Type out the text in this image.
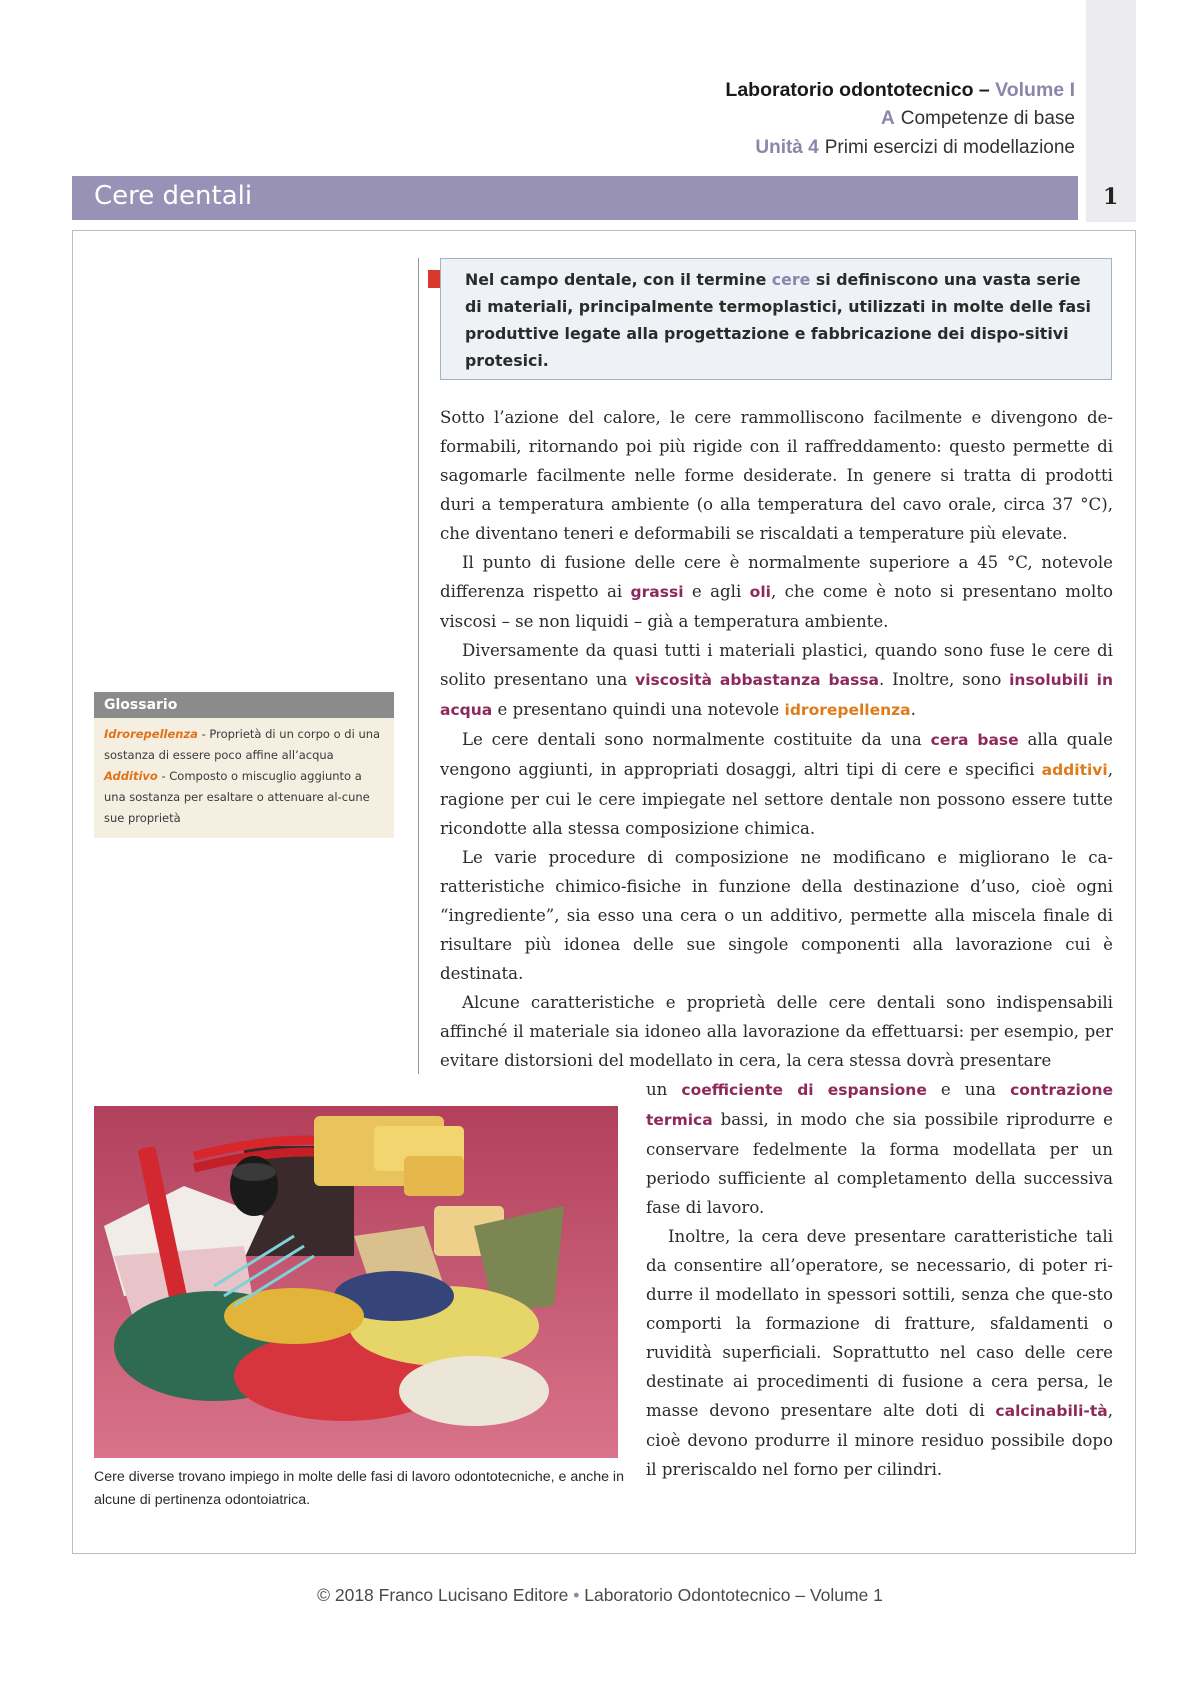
Laboratorio odontotecnico – Volume I
A Competenze di base
Unità 4 Primi esercizi di modellazione
Cere dentali	1
Nel campo dentale, con il termine cere si definiscono una vasta serie di materiali, principalmente termoplastici, utilizzati in molte delle fasi produttive legate alla progettazione e fabbricazione dei dispo-sitivi protesici.

Sotto l’azione del calore, le cere rammolliscono facilmente e divengono de-formabili, ritornando poi più rigide con il raffreddamento: questo permette di sagomarle facilmente nelle forme desiderate. In genere si tratta di prodotti duri a temperatura ambiente (o alla temperatura del cavo orale, circa 37 °C), che diventano teneri e deformabili se riscaldati a temperature più elevate.

Il punto di fusione delle cere è normalmente superiore a 45 °C, notevole differenza rispetto ai grassi e agli oli, che come è noto si presentano molto viscosi – se non liquidi – già a temperatura ambiente.

Diversamente da quasi tutti i materiali plastici, quando sono fuse le cere di solito presentano una viscosità abbastanza bassa. Inoltre, sono insolubili in acqua e presentano quindi una notevole idrorepellenza.

Le cere dentali sono normalmente costituite da una cera base alla quale vengono aggiunti, in appropriati dosaggi, altri tipi di cere e specifici additivi, ragione per cui le cere impiegate nel settore dentale non possono essere tutte ricondotte alla stessa composizione chimica.

Le varie procedure di composizione ne modificano e migliorano le ca-ratteristiche chimico-fisiche in funzione della destinazione d’uso, cioè ogni “ingrediente”, sia esso una cera o un additivo, permette alla miscela finale di risultare più idonea delle sue singole componenti alla lavorazione cui è destinata.

Alcune caratteristiche e proprietà delle cere dentali sono indispensabili affinché il materiale sia idoneo alla lavorazione da effettuarsi: per esempio, per evitare distorsioni del modellato in cera, la cera stessa dovrà presentare

un coefficiente di espansione e una contrazione termica bassi, in modo che sia possibile riprodurre e conservare fedelmente la forma modellata per un periodo sufficiente al completamento della successiva fase di lavoro.

Inoltre, la cera deve presentare caratteristiche tali da consentire all’operatore, se necessario, di poter ri-durre il modellato in spessori sottili, senza che que-sto comporti la formazione di fratture, sfaldamenti o ruvidità superficiali. Soprattutto nel caso delle cere destinate ai procedimenti di fusione a cera persa, le masse devono presentare alte doti di calcinabili-tà, cioè devono produrre il minore residuo possibile dopo il preriscaldo nel forno per cilindri.

Glossario
Idrorepellenza - Proprietà di un corpo o di una sostanza di essere poco affine all’acqua
Additivo - Composto o miscuglio aggiunto a una sostanza per esaltare o attenuare al-cune sue proprietà
Cere diverse trovano impiego in molte delle fasi di lavoro odontotecniche, e anche in alcune di pertinenza odontoiatrica.
© 2018 Franco Lucisano Editore • Laboratorio Odontotecnico – Volume 1
